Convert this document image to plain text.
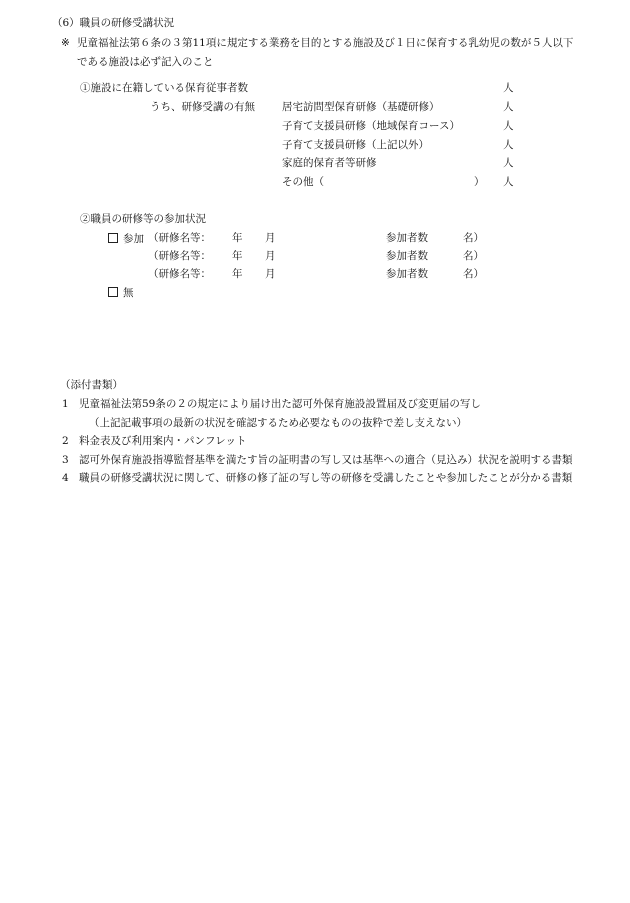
（6）職員の研修受講状況
※ 児童福祉法第６条の３第11項に規定する業務を目的とする施設及び１日に保育する乳幼児の数が５人以下
である施設は必ず記入のこと
①施設に在籍している保育従事者数	人
うち、研修受講の有無	居宅訪問型保育研修（基礎研修）	人
子育て支援員研修（地域保育コース）	人
子育て支援員研修（上記以外）	人
家庭的保育者等研修	人
その他（	） 人
②職員の研修等の参加状況
参加 （研修名等： 年 月	参加者数	名）
（研修名等： 年 月	参加者数	名）
（研修名等： 年 月	参加者数	名）
無
（添付書類）
1 児童福祉法第59条の２の規定により届け出た認可外保育施設設置届及び変更届の写し
（上記記載事項の最新の状況を確認するため必要なものの抜粋で差し支えない）
2 料金表及び利用案内・パンフレット
3 認可外保育施設指導監督基準を満たす旨の証明書の写し又は基準への適合（見込み）状況を説明する書類
4 職員の研修受講状況に関して、研修の修了証の写し等の研修を受講したことや参加したことが分かる書類
